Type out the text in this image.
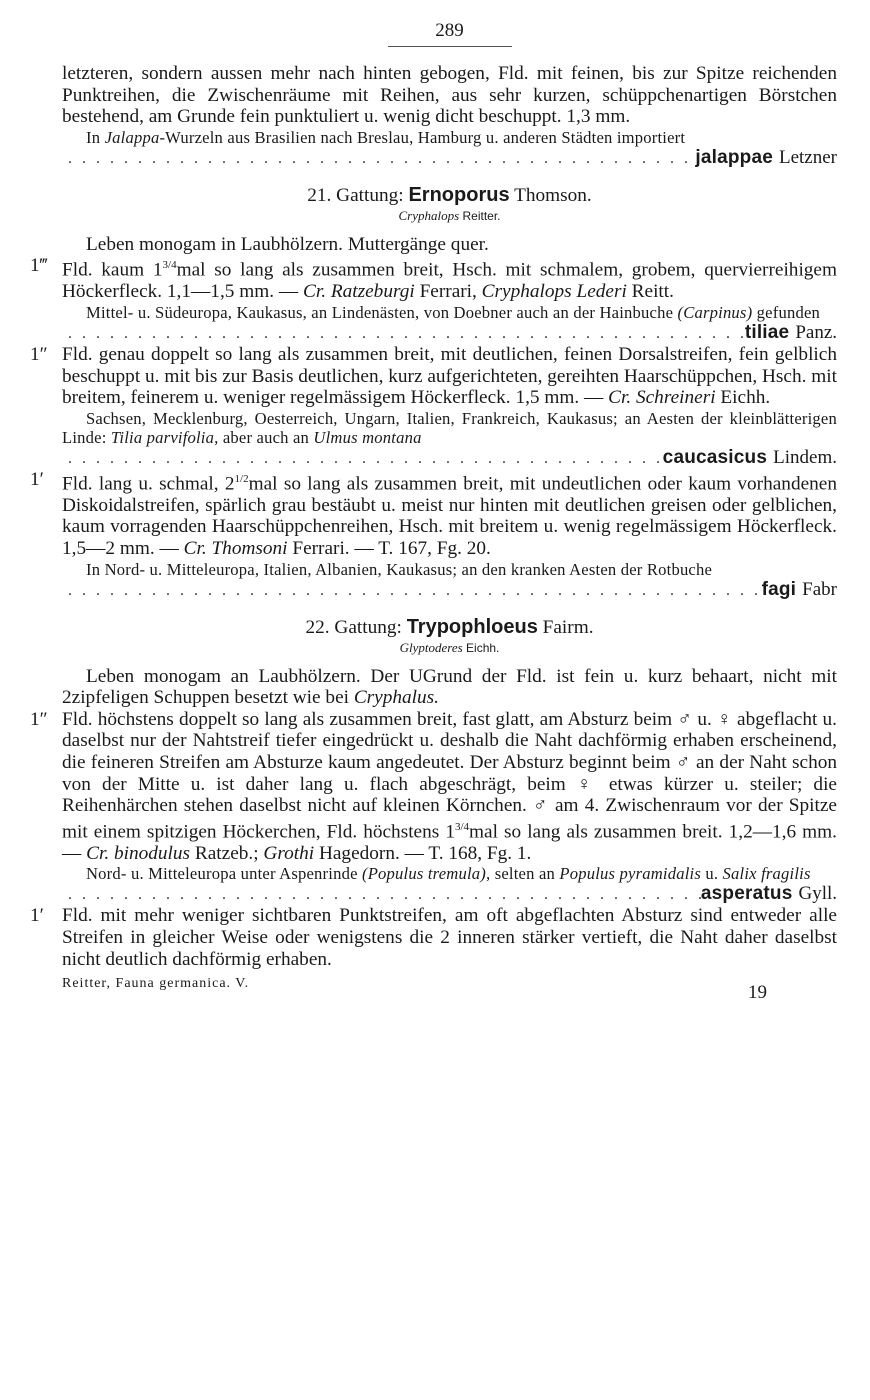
289

letzteren, sondern aussen mehr nach hinten gebogen, Fld. mit feinen, bis zur Spitze reichenden Punktreihen, die Zwischenräume mit Reihen, aus sehr kurzen, schüppchenartigen Börstchen bestehend, am Grunde fein punktuliert u. wenig dicht beschuppt. 1,3 mm.

In Jalappa-Wurzeln aus Brasilien nach Breslau, Hamburg u. anderen Städten importiert
. . .
jalappae Letzner
21. Gattung: Ernoporus Thomson.
Cryphalops Reitter.

Leben monogam in Laubhölzern. Muttergänge quer.

1‴ Fld. kaum $1^{3/4}mal$ so lang als zusammen breit, Hsch. mit schmalem, grobem, quervierreihigem Höckerfleck. 1,1—1,5 mm. — Cr. Ratzeburgi Ferrari, Cryphalops Lederi Reitt.
Mittel- u. Südeuropa, Kaukasus, an Lindenästen, von Doebner auch an der Hainbuche (Carpinus) gefunden
. . .
tiliae Panz.
1″ Fld. genau doppelt so lang als zusammen breit, mit deutlichen, feinen Dorsalstreifen, fein gelblich beschuppt u. mit bis zur Basis deutlichen, kurz aufgerichteten, gereihten Haarschüppchen, Hsch. mit breitem, feinerem u. weniger regelmässigem Höckerfleck. 1,5 mm. — Cr. Schreineri Eichh.
Sachsen, Mecklenburg, Oesterreich, Ungarn, Italien, Frankreich, Kaukasus; an Aesten der kleinblätterigen Linde: Tilia parvifolia, aber auch an Ulmus montana
. . .
caucasicus Lindem.
1′ Fld. lang u. schmal, $2^{1/2}mal$ so lang als zusammen breit, mit undeutlichen oder kaum vorhandenen Diskoidalstreifen, spärlich grau bestäubt u. meist nur hinten mit deutlichen greisen oder gelblichen, kaum vorragenden Haarschüppchenreihen, Hsch. mit breitem u. wenig regelmässigem Höckerfleck. 1,5—2 mm. — Cr. Thomsoni Ferrari. — T. 167, Fg. 20.
In Nord- u. Mitteleuropa, Italien, Albanien, Kaukasus; an den kranken Aesten der Rotbuche
. . .
fagi Fabr
22. Gattung: Trypophloeus Fairm.
Glyptoderes Eichh.

Leben monogam an Laubhölzern. Der UGrund der Fld. ist fein u. kurz behaart, nicht mit 2zipfeligen Schuppen besetzt wie bei Cryphalus.

1″ Fld. höchstens doppelt so lang als zusammen breit, fast glatt, am Absturz beim ♂ u. ♀ abgeflacht u. daselbst nur der Nahtstreif tiefer eingedrückt u. deshalb die Naht dachförmig erhaben erscheinend, die feineren Streifen am Absturze kaum angedeutet. Der Absturz beginnt beim ♂ an der Naht schon von der Mitte u. ist daher lang u. flach abgeschrägt, beim ♀ etwas kürzer u. steiler; die Reihenhärchen stehen daselbst nicht auf kleinen Körnchen. ♂ am 4. Zwischenraum vor der Spitze mit einem spitzigen Höckerchen, Fld. höchstens $1^{3/4}mal$ so lang als zusammen breit. 1,2—1,6 mm. — Cr. binodulus Ratzeb.; Grothi Hagedorn. — T. 168, Fg. 1.
Nord- u. Mitteleuropa unter Aspenrinde (Populus tremula), selten an Populus pyramidalis u. Salix fragilis
. . .
asperatus Gyll.
1′ Fld. mit mehr weniger sichtbaren Punktstreifen, am oft abgeflachten Absturz sind entweder alle Streifen in gleicher Weise oder wenigstens die 2 inneren stärker vertieft, die Naht daher daselbst nicht deutlich dachförmig erhaben.
Reitter, Fauna germanica. V.	19
